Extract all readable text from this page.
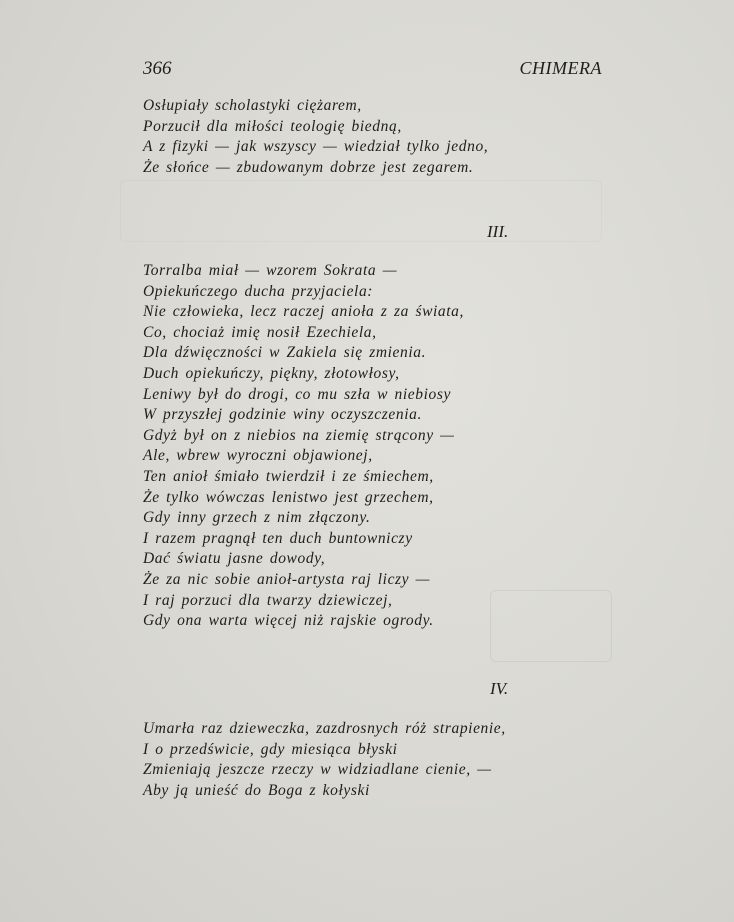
366	CHIMERA
Osłupiały scholastyki ciężarem,
Porzucił dla miłości teologię biedną,
A z fizyki — jak wszyscy — wiedział tylko jedno,
Że słońce — zbudowanym dobrze jest zegarem.
III.
Torralba miał — wzorem Sokrata —
Opiekuńczego ducha przyjaciela:
Nie człowieka, lecz raczej anioła z za świata,
Co, chociaż imię nosił Ezechiela,
Dla dźwięczności w Zakiela się zmienia.
Duch opiekuńczy, piękny, złotowłosy,
Leniwy był do drogi, co mu szła w niebiosy
W przyszłej godzinie winy oczyszczenia.
Gdyż był on z niebios na ziemię strącony —
Ale, wbrew wyroczni objawionej,
Ten anioł śmiało twierdził i ze śmiechem,
Że tylko wówczas lenistwo jest grzechem,
Gdy inny grzech z nim złączony.
I razem pragnął ten duch buntowniczy
Dać światu jasne dowody,
Że za nic sobie anioł-artysta raj liczy —
I raj porzuci dla twarzy dziewiczej,
Gdy ona warta więcej niż rajskie ogrody.
IV.
Umarła raz dzieweczka, zazdrosnych róż strapienie,
I o przedświcie, gdy miesiąca błyski
Zmieniają jeszcze rzeczy w widziadlane cienie, —
Aby ją unieść do Boga z kołyski
